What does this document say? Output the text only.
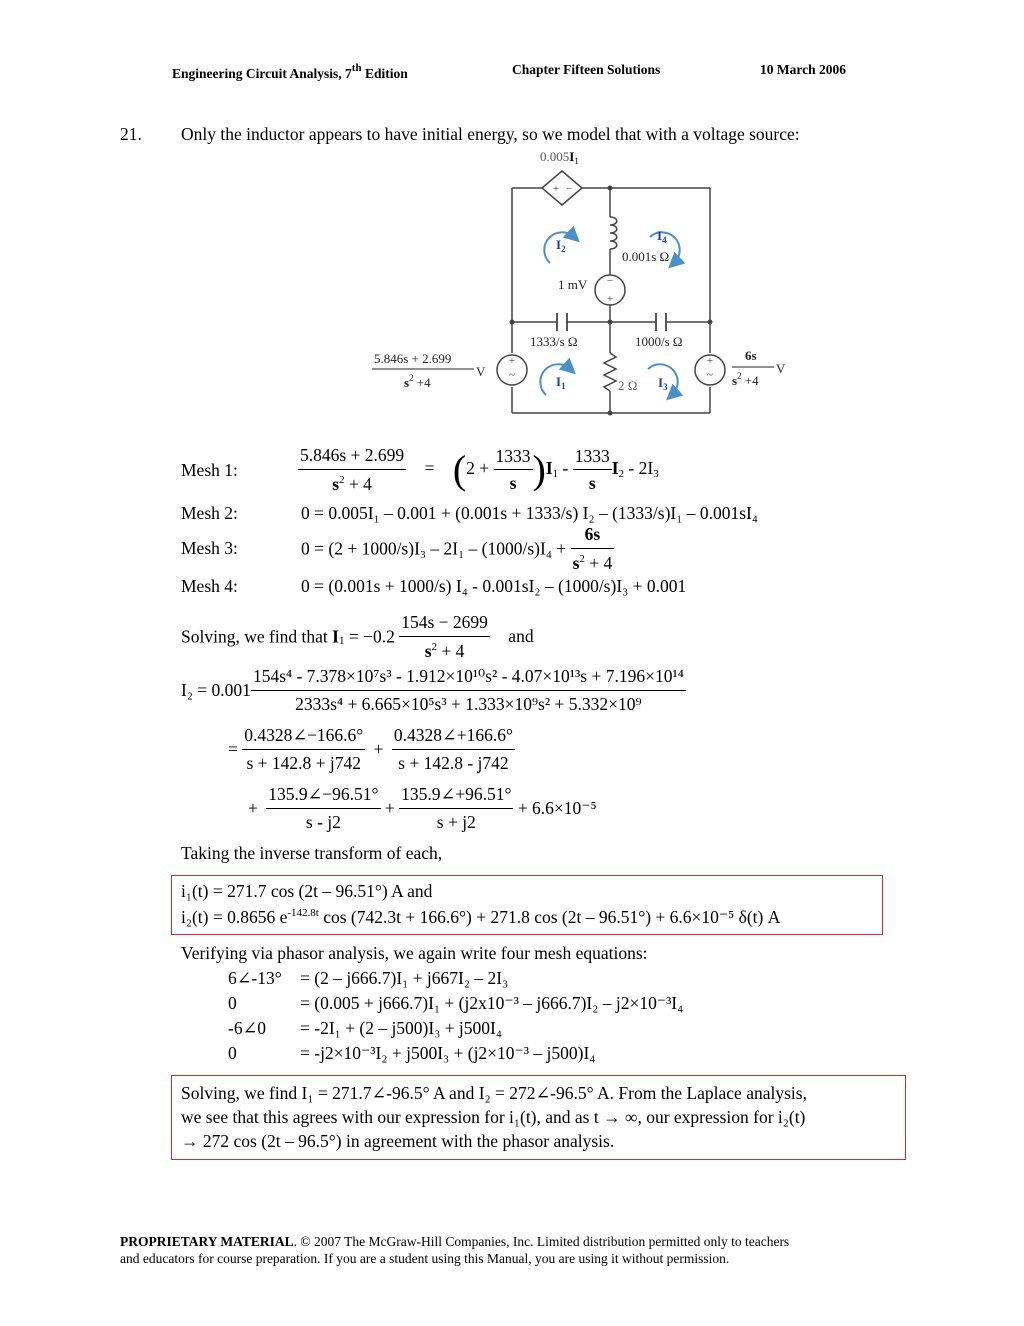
Engineering Circuit Analysis, 7th Edition	Chapter Fifteen Solutions	10 March 2006
21. Only the inductor appears to have initial energy, so we model that with a voltage source:
+ −
−
+
+
~
+
~
$I_2$
$I_4$
$I_1$	$I_3$
$0.005I_1$
0.001s Ω
1 mV
1333/s Ω	1000/s Ω
2 Ω
5.846s + 2.699
$s^2 +4$
V
6s
$s^2 +4$
V
Mesh 1:	$\frac{5.846s + 2.699}{s^2 + 4} = (2 + \frac{1333}{s} )I_1 - \frac{1333}{s} I_2 - 2I_3$
Mesh 2:	0 = 0.005I₁ – 0.001 + (0.001s + 1333/s) I₂ – (1333/s)I₁ – 0.001sI₄
Mesh 3:	$0 = (2 + 1000/s)I_3 - 2I_1 - (1000/s)I_4 + \frac{6s}{s^2 + 4}$
Mesh 4:	0 = (0.001s + 1000/s) I₄ - 0.001sI₂ – (1000/s)I₃ + 0.001
Solving, we find that $I_1 = -0.2 \frac{154s - 2699}{s^2 + 4}$ and
I₂ = 0.001
154s⁴ - 7.378×10⁷s³ - 1.912×10¹⁰s² - 4.07×10¹³s + 7.196×10¹⁴
2333s⁴ + 6.665×10⁵s³ + 1.333×10⁹s² + 5.332×10⁹
= $\frac{0.4328\angle-166.6^\circ}{s + 142.8 + j742} + \frac{0.4328\angle+166.6^\circ}{s + 142.8 - j742}$
+ $\frac{135.9\angle-96.51^\circ}{s - j2} + \frac{135.9\angle+96.51^\circ}{s + j2} + 6.6\times 10^{-5}$
Taking the inverse transform of each,
i₁(t) = 271.7 cos (2t – 96.51°) A and
i₂(t) = 0.8656 $e^{-142.8t}$ cos (742.3t + 166.6°) + 271.8 cos (2t – 96.51°) + 6.6×10⁻⁵ δ(t) A
Verifying via phasor analysis, we again write four mesh equations:
6∠-13° = (2 – j666.7)I₁ + j667I₂ – 2I₃
0	= (0.005 + j666.7)I₁ + (j2x10⁻³ – j666.7)I₂ – j2×10⁻³I₄
-6∠0 = -2I₁ + (2 – j500)I₃ + j500I₄
0	= -j2×10⁻³I₂ + j500I₃ + (j2×10⁻³ – j500)I₄
Solving, we find I₁ = 271.7∠-96.5° A and I₂ = 272∠-96.5° A. From the Laplace analysis,
we see that this agrees with our expression for i₁(t), and as t → ∞, our expression for i₂(t)
→ 272 cos (2t – 96.5°) in agreement with the phasor analysis.
PROPRIETARY MATERIAL. © 2007 The McGraw-Hill Companies, Inc. Limited distribution permitted only to teachers
and educators for course preparation. If you are a student using this Manual, you are using it without permission.
